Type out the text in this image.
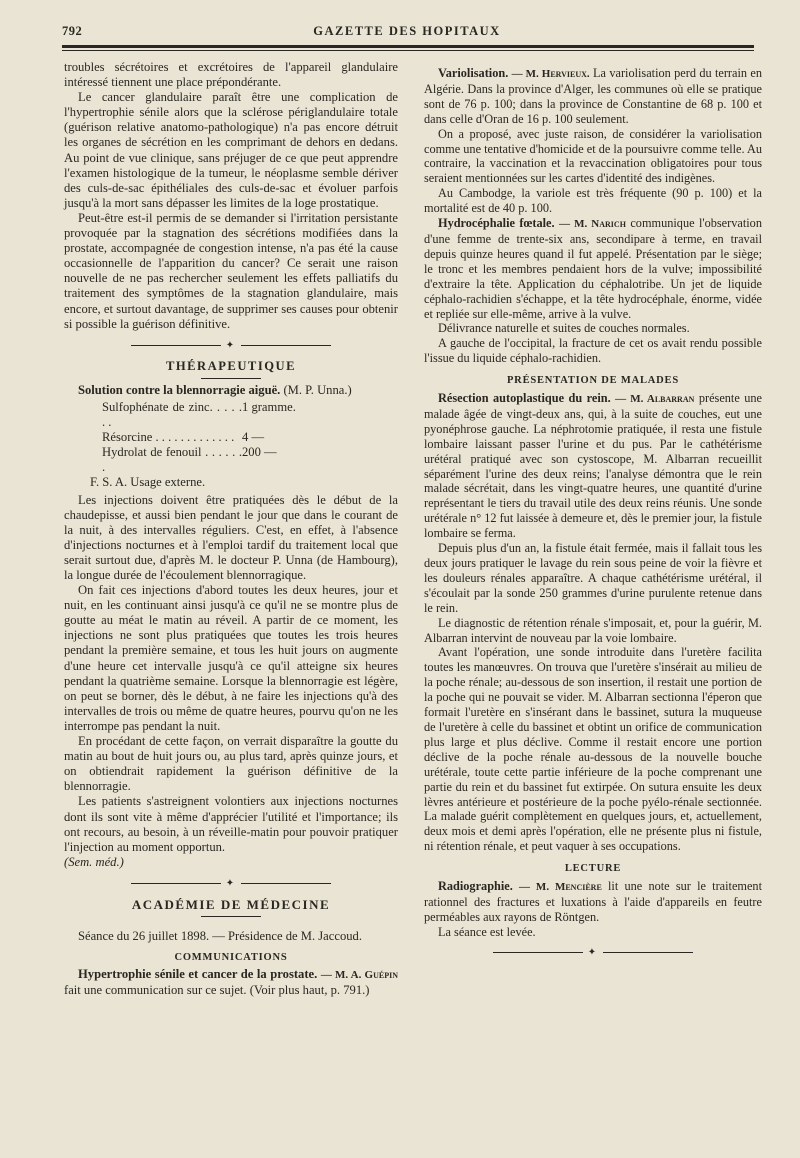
792	GAZETTE DES HOPITAUX

troubles sécrétoires et excrétoires de l'appareil glandulaire intéressé tiennent une place prépondérante.

Le cancer glandulaire paraît être une complication de l'hypertrophie sénile alors que la sclérose périglandulaire totale (guérison relative anatomo-pathologique) n'a pas encore détruit les organes de sécrétion en les comprimant de dehors en dedans. Au point de vue clinique, sans préjuger de ce que peut apprendre l'examen histologique de la tumeur, le néoplasme semble dériver des culs-de-sac épithéliales des culs-de-sac et évoluer parfois jusqu'à la mort sans dépasser les limites de la loge prostatique.

Peut-être est-il permis de se demander si l'irritation persistante provoquée par la stagnation des sécrétions modifiées dans la prostate, accompagnée de congestion intense, n'a pas été la cause occasionnelle de l'apparition du cancer? Ce serait une raison nouvelle de ne pas rechercher seulement les effets palliatifs du traitement des symptômes de la stagnation glandulaire, mais encore, et surtout davantage, de supprimer ses causes pour obtenir si possible la guérison définitive.

✦
THÉRAPEUTIQUE

Solution contre la blennorragie aiguë. (M. P. Unna.)

Sulfophénate de zinc. . . . . . .
1 gramme.
Résorcine . . . . . . . . . . . . . 4 —
Hydrolat de fenouil . . . . . . .
200 —
F. S. A. Usage externe.

Les injections doivent être pratiquées dès le début de la chaudepisse, et aussi bien pendant le jour que dans le courant de la nuit, à des intervalles réguliers. C'est, en effet, à l'absence d'injections nocturnes et à l'emploi tardif du traitement local que serait surtout due, d'après M. le docteur P. Unna (de Hambourg), la longue durée de l'écoulement blennorragique.

On fait ces injections d'abord toutes les deux heures, jour et nuit, en les continuant ainsi jusqu'à ce qu'il ne se montre plus de goutte au méat le matin au réveil. A partir de ce moment, les injections ne sont plus pratiquées que toutes les trois heures pendant la première semaine, et tous les huit jours on augmente d'une heure cet intervalle jusqu'à ce qu'il atteigne six heures pendant la quatrième semaine. Lorsque la blennorragie est légère, on peut se borner, dès le début, à ne faire les injections qu'à des intervalles de trois ou même de quatre heures, pourvu qu'on ne les interrompe pas pendant la nuit.

En procédant de cette façon, on verrait disparaître la goutte du matin au bout de huit jours ou, au plus tard, après quinze jours, et on obtiendrait rapidement la guérison définitive de la blennorragie.

Les patients s'astreignent volontiers aux injections nocturnes dont ils sont vite à même d'apprécier l'utilité et l'importance; ils ont recours, au besoin, à un réveille-matin pour pouvoir pratiquer l'injection au moment opportun.

(Sem. méd.)

✦
ACADÉMIE DE MÉDECINE

Séance du 26 juillet 1898. — Présidence de M. Jaccoud.

COMMUNICATIONS

Hypertrophie sénile et cancer de la prostate. — M. A. Guépin fait une communication sur ce sujet. (Voir plus haut, p. 791.)

Variolisation. — M. Hervieux. La variolisation perd du terrain en Algérie. Dans la province d'Alger, les communes où elle se pratique sont de 76 p. 100; dans la province de Constantine de 68 p. 100 et dans celle d'Oran de 16 p. 100 seulement.

On a proposé, avec juste raison, de considérer la variolisation comme une tentative d'homicide et de la poursuivre comme telle. Au contraire, la vaccination et la revaccination obligatoires pour tous seraient mentionnées sur les cartes d'identité des indigènes.

Au Cambodge, la variole est très fréquente (90 p. 100) et la mortalité est de 40 p. 100.

Hydrocéphalie fœtale. — M. Narich communique l'observation d'une femme de trente-six ans, secondipare à terme, en travail depuis quinze heures quand il fut appelé. Présentation par le siège; le tronc et les membres pendaient hors de la vulve; impossibilité d'extraire la tête. Application du céphalotribe. Un jet de liquide céphalo-rachidien s'échappe, et la tête hydrocéphale, énorme, vidée et repliée sur elle-même, arrive à la vulve.

Délivrance naturelle et suites de couches normales.

A gauche de l'occipital, la fracture de cet os avait rendu possible l'issue du liquide céphalo-rachidien.

PRÉSENTATION DE MALADES

Résection autoplastique du rein. — M. Albarran présente une malade âgée de vingt-deux ans, qui, à la suite de couches, eut une pyonéphrose gauche. La néphrotomie pratiquée, il resta une fistule lombaire laissant passer l'urine et du pus. Par le cathétérisme urétéral pratiqué avec son cystoscope, M. Albarran recueillit séparément l'urine des deux reins; l'analyse démontra que le rein malade sécrétait, dans les vingt-quatre heures, une quantité d'urine représentant le tiers du travail utile des deux reins réunis. Une sonde urétérale n° 12 fut laissée à demeure et, dès le premier jour, la fistule lombaire se ferma.

Depuis plus d'un an, la fistule était fermée, mais il fallait tous les deux jours pratiquer le lavage du rein sous peine de voir la fièvre et les douleurs rénales apparaître. A chaque cathétérisme urétéral, il s'écoulait par la sonde 250 grammes d'urine purulente retenue dans le rein.

Le diagnostic de rétention rénale s'imposait, et, pour la guérir, M. Albarran intervint de nouveau par la voie lombaire.

Avant l'opération, une sonde introduite dans l'uretère facilita toutes les manœuvres. On trouva que l'uretère s'insérait au milieu de la poche rénale; au-dessous de son insertion, il restait une portion de la poche qui ne pouvait se vider. M. Albarran sectionna l'éperon que formait l'uretère en s'insérant dans le bassinet, sutura la muqueuse de l'uretère à celle du bassinet et obtint un orifice de communication plus large et plus déclive. Comme il restait encore une portion déclive de la poche rénale au-dessous de la nouvelle bouche urétérale, toute cette partie inférieure de la poche comprenant une partie du rein et du bassinet fut extirpée. On sutura ensuite les deux lèvres antérieure et postérieure de la poche pyélo-rénale sectionnée. La malade guérit complètement en quelques jours, et, actuellement, deux mois et demi après l'opération, elle ne présente plus ni fistule, ni rétention rénale, et peut vaquer à ses occupations.

LECTURE

Radiographie. — M. Mencière lit une note sur le traitement rationnel des fractures et luxations à l'aide d'appareils en feutre perméables aux rayons de Röntgen.

La séance est levée.

✦
